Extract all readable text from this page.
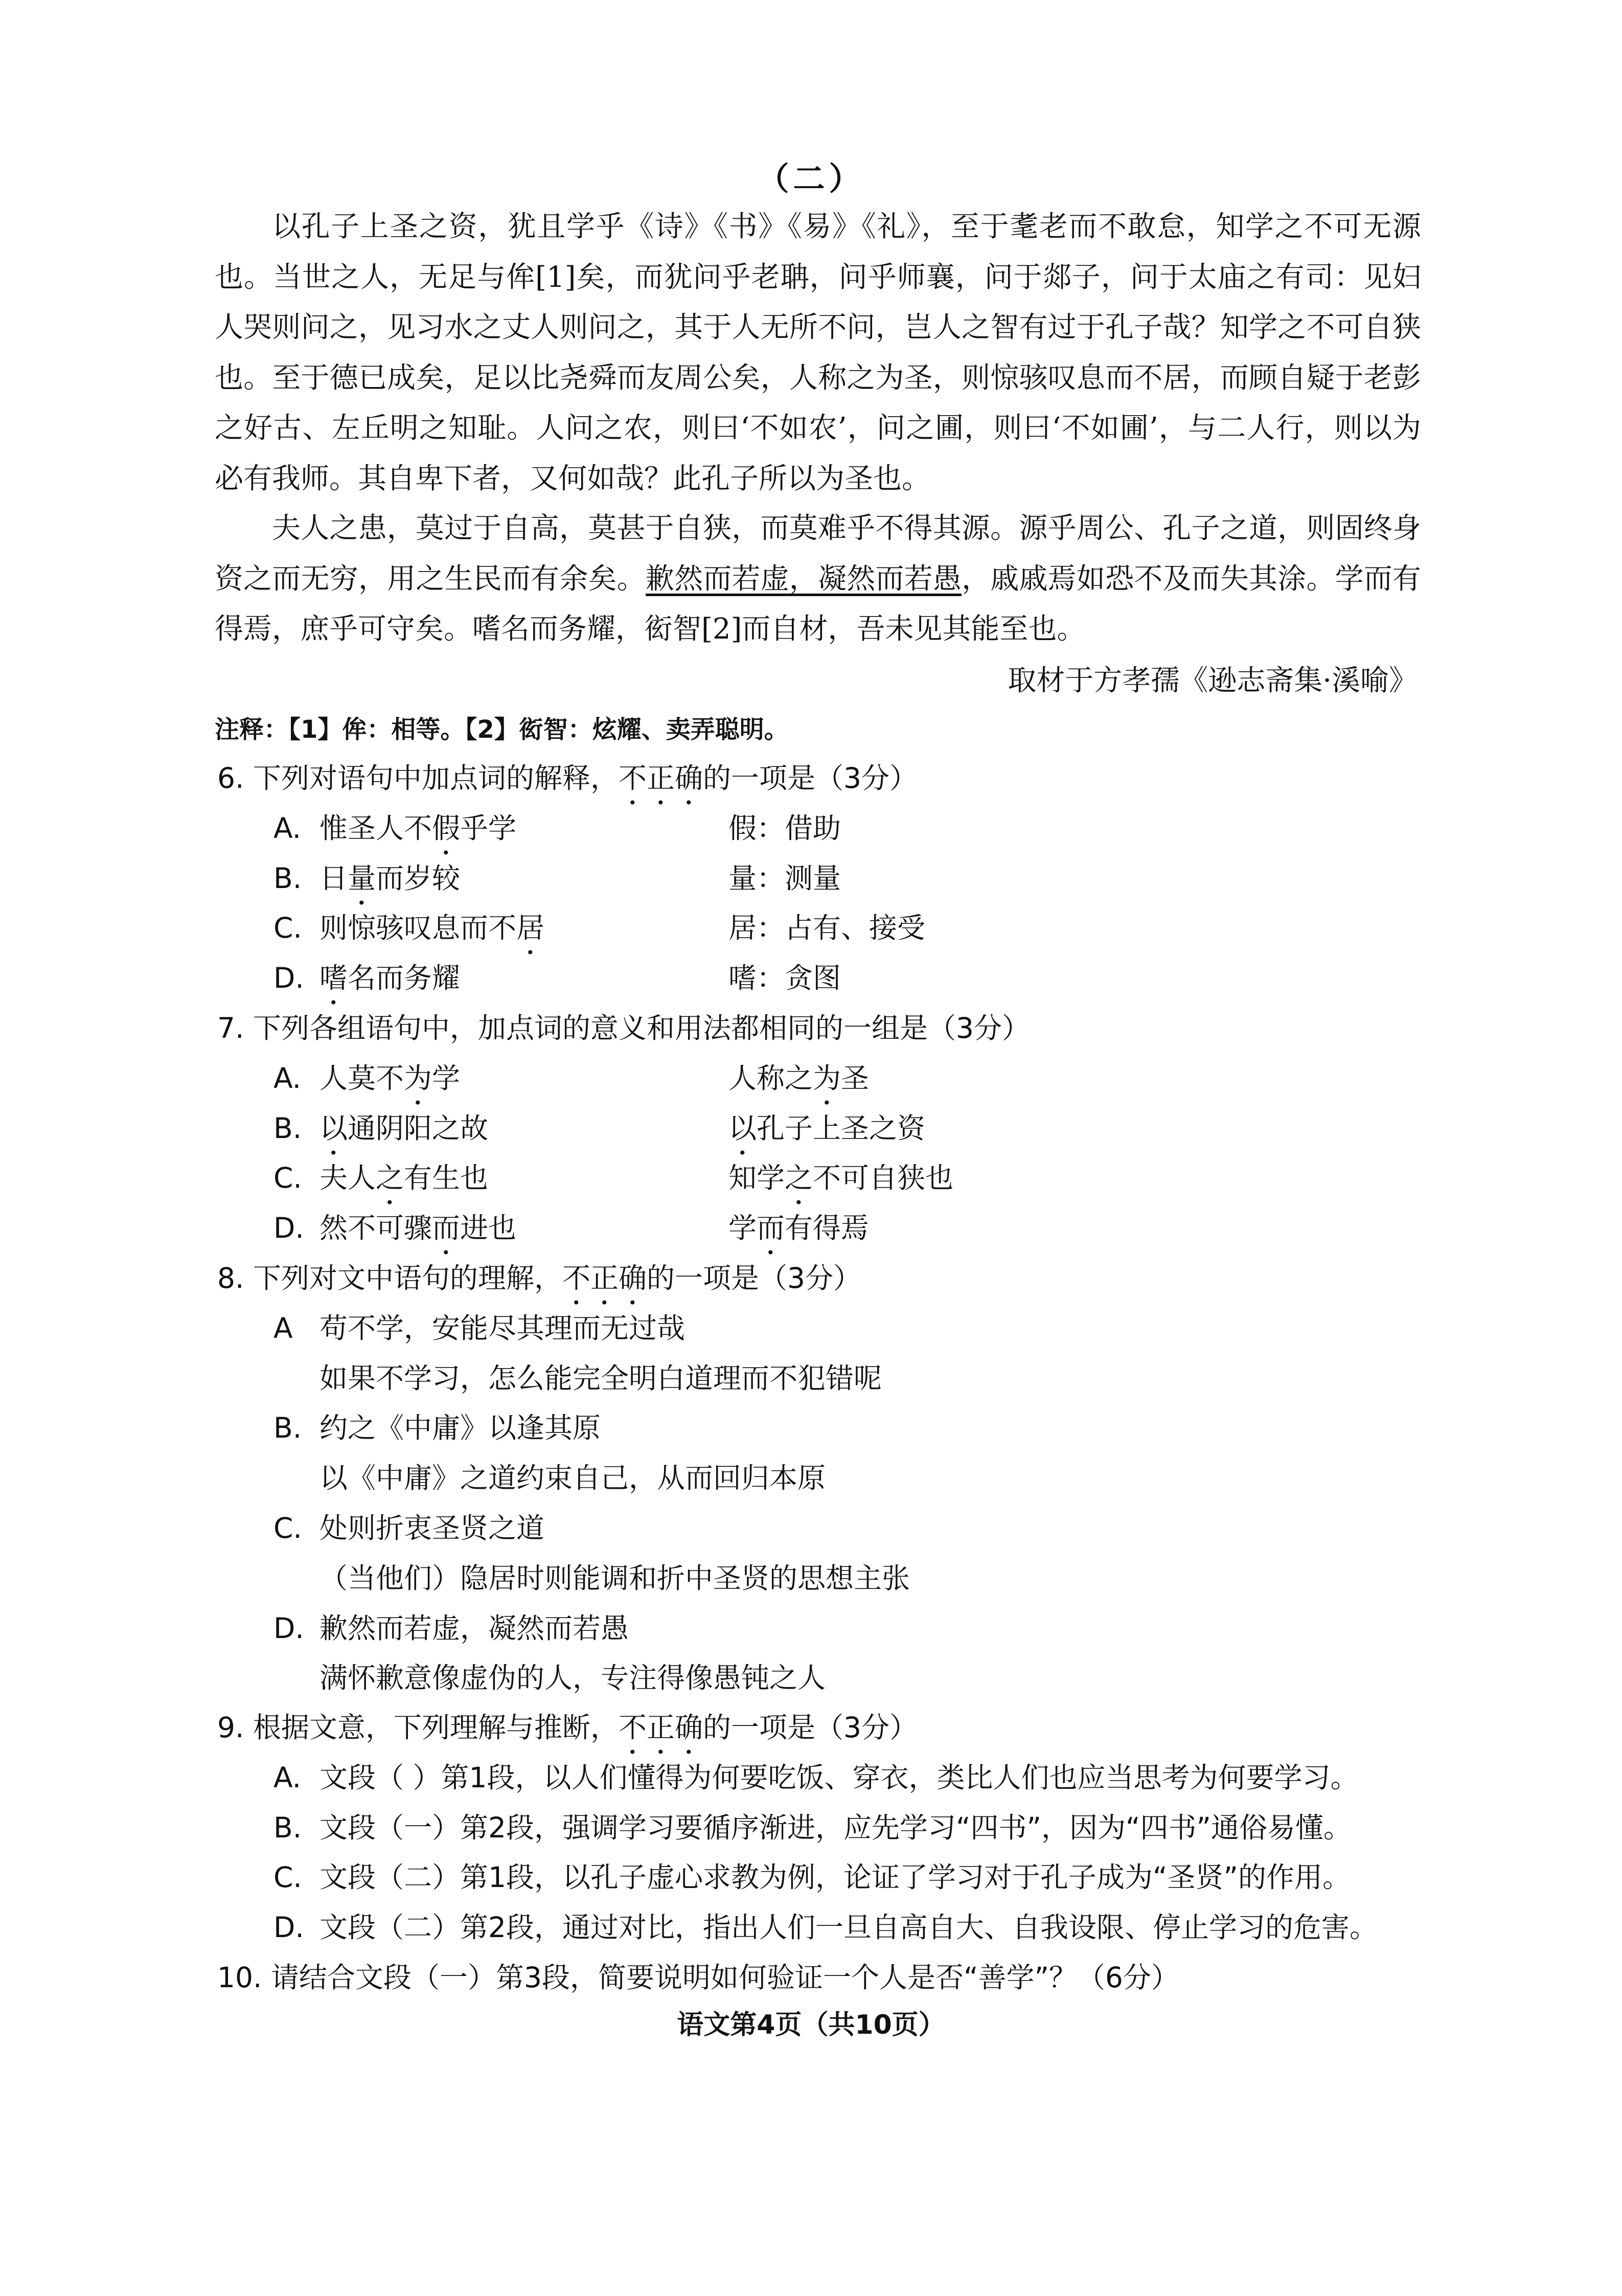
（二）

以孔子上圣之资，犹且学乎《诗》《书》《易》《礼》，至于耄老而不敢怠，知学之不可无源也。当世之人，无足与侔[1]矣，而犹问乎老聃，问乎师襄，问于郯子，问于太庙之有司：见妇人哭则问之，见习水之丈人则问之，其于人无所不问，岂人之智有过于孔子哉？知学之不可自狭也。至于德已成矣，足以比尧舜而友周公矣，人称之为圣，则惊骇叹息而不居，而顾自疑于老彭之好古、左丘明之知耻。人问之农，则曰‘不如农’，问之圃，则曰‘不如圃’，与二人行，则以为必有我师。其自卑下者，又何如哉？此孔子所以为圣也。

夫人之患，莫过于自高，莫甚于自狭，而莫难乎不得其源。源乎周公、孔子之道，则固终身资之而无穷，用之生民而有余矣。歉然而若虚，凝然而若愚，戚戚焉如恐不及而失其涂。学而有得焉，庶乎可守矣。嗜名而务耀，衒智[2]而自材，吾未见其能至也。

取材于方孝孺《逊志斋集·溪喻》
注释：【1】侔：相等。【2】衒智：炫耀、卖弄聪明。
6. 下列对语句中加点词的解释，不正确的一项是（3分）
A. 惟圣人不假乎学	假：借助
B. 日量而岁较	量：测量
C. 则惊骇叹息而不居	居：占有、接受
D. 嗜名而务耀	嗜：贪图
7. 下列各组语句中，加点词的意义和用法都相同的一组是（3分）
A. 人莫不为学	人称之为圣
B. 以通阴阳之故	以孔子上圣之资
C. 夫人之有生也	知学之不可自狭也
D. 然不可骤而进也	学而有得焉
8. 下列对文中语句的理解，不正确的一项是（3分）
A 苟不学，安能尽其理而无过哉
如果不学习，怎么能完全明白道理而不犯错呢
B. 约之《中庸》以逢其原
以《中庸》之道约束自己，从而回归本原
C. 处则折衷圣贤之道
（当他们）隐居时则能调和折中圣贤的思想主张
D. 歉然而若虚，凝然而若愚
满怀歉意像虚伪的人，专注得像愚钝之人
9. 根据文意，下列理解与推断，不正确的一项是（3分）
A. 文段（ ）第1段，以人们懂得为何要吃饭、穿衣，类比人们也应当思考为何要学习。
B. 文段（一）第2段，强调学习要循序渐进，应先学习“四书”，因为“四书”通俗易懂。
C. 文段（二）第1段，以孔子虚心求教为例，论证了学习对于孔子成为“圣贤”的作用。
D. 文段（二）第2段，通过对比，指出人们一旦自高自大、自我设限、停止学习的危害。
10. 请结合文段（一）第3段，简要说明如何验证一个人是否“善学”？（6分）
语文第4页（共10页）
